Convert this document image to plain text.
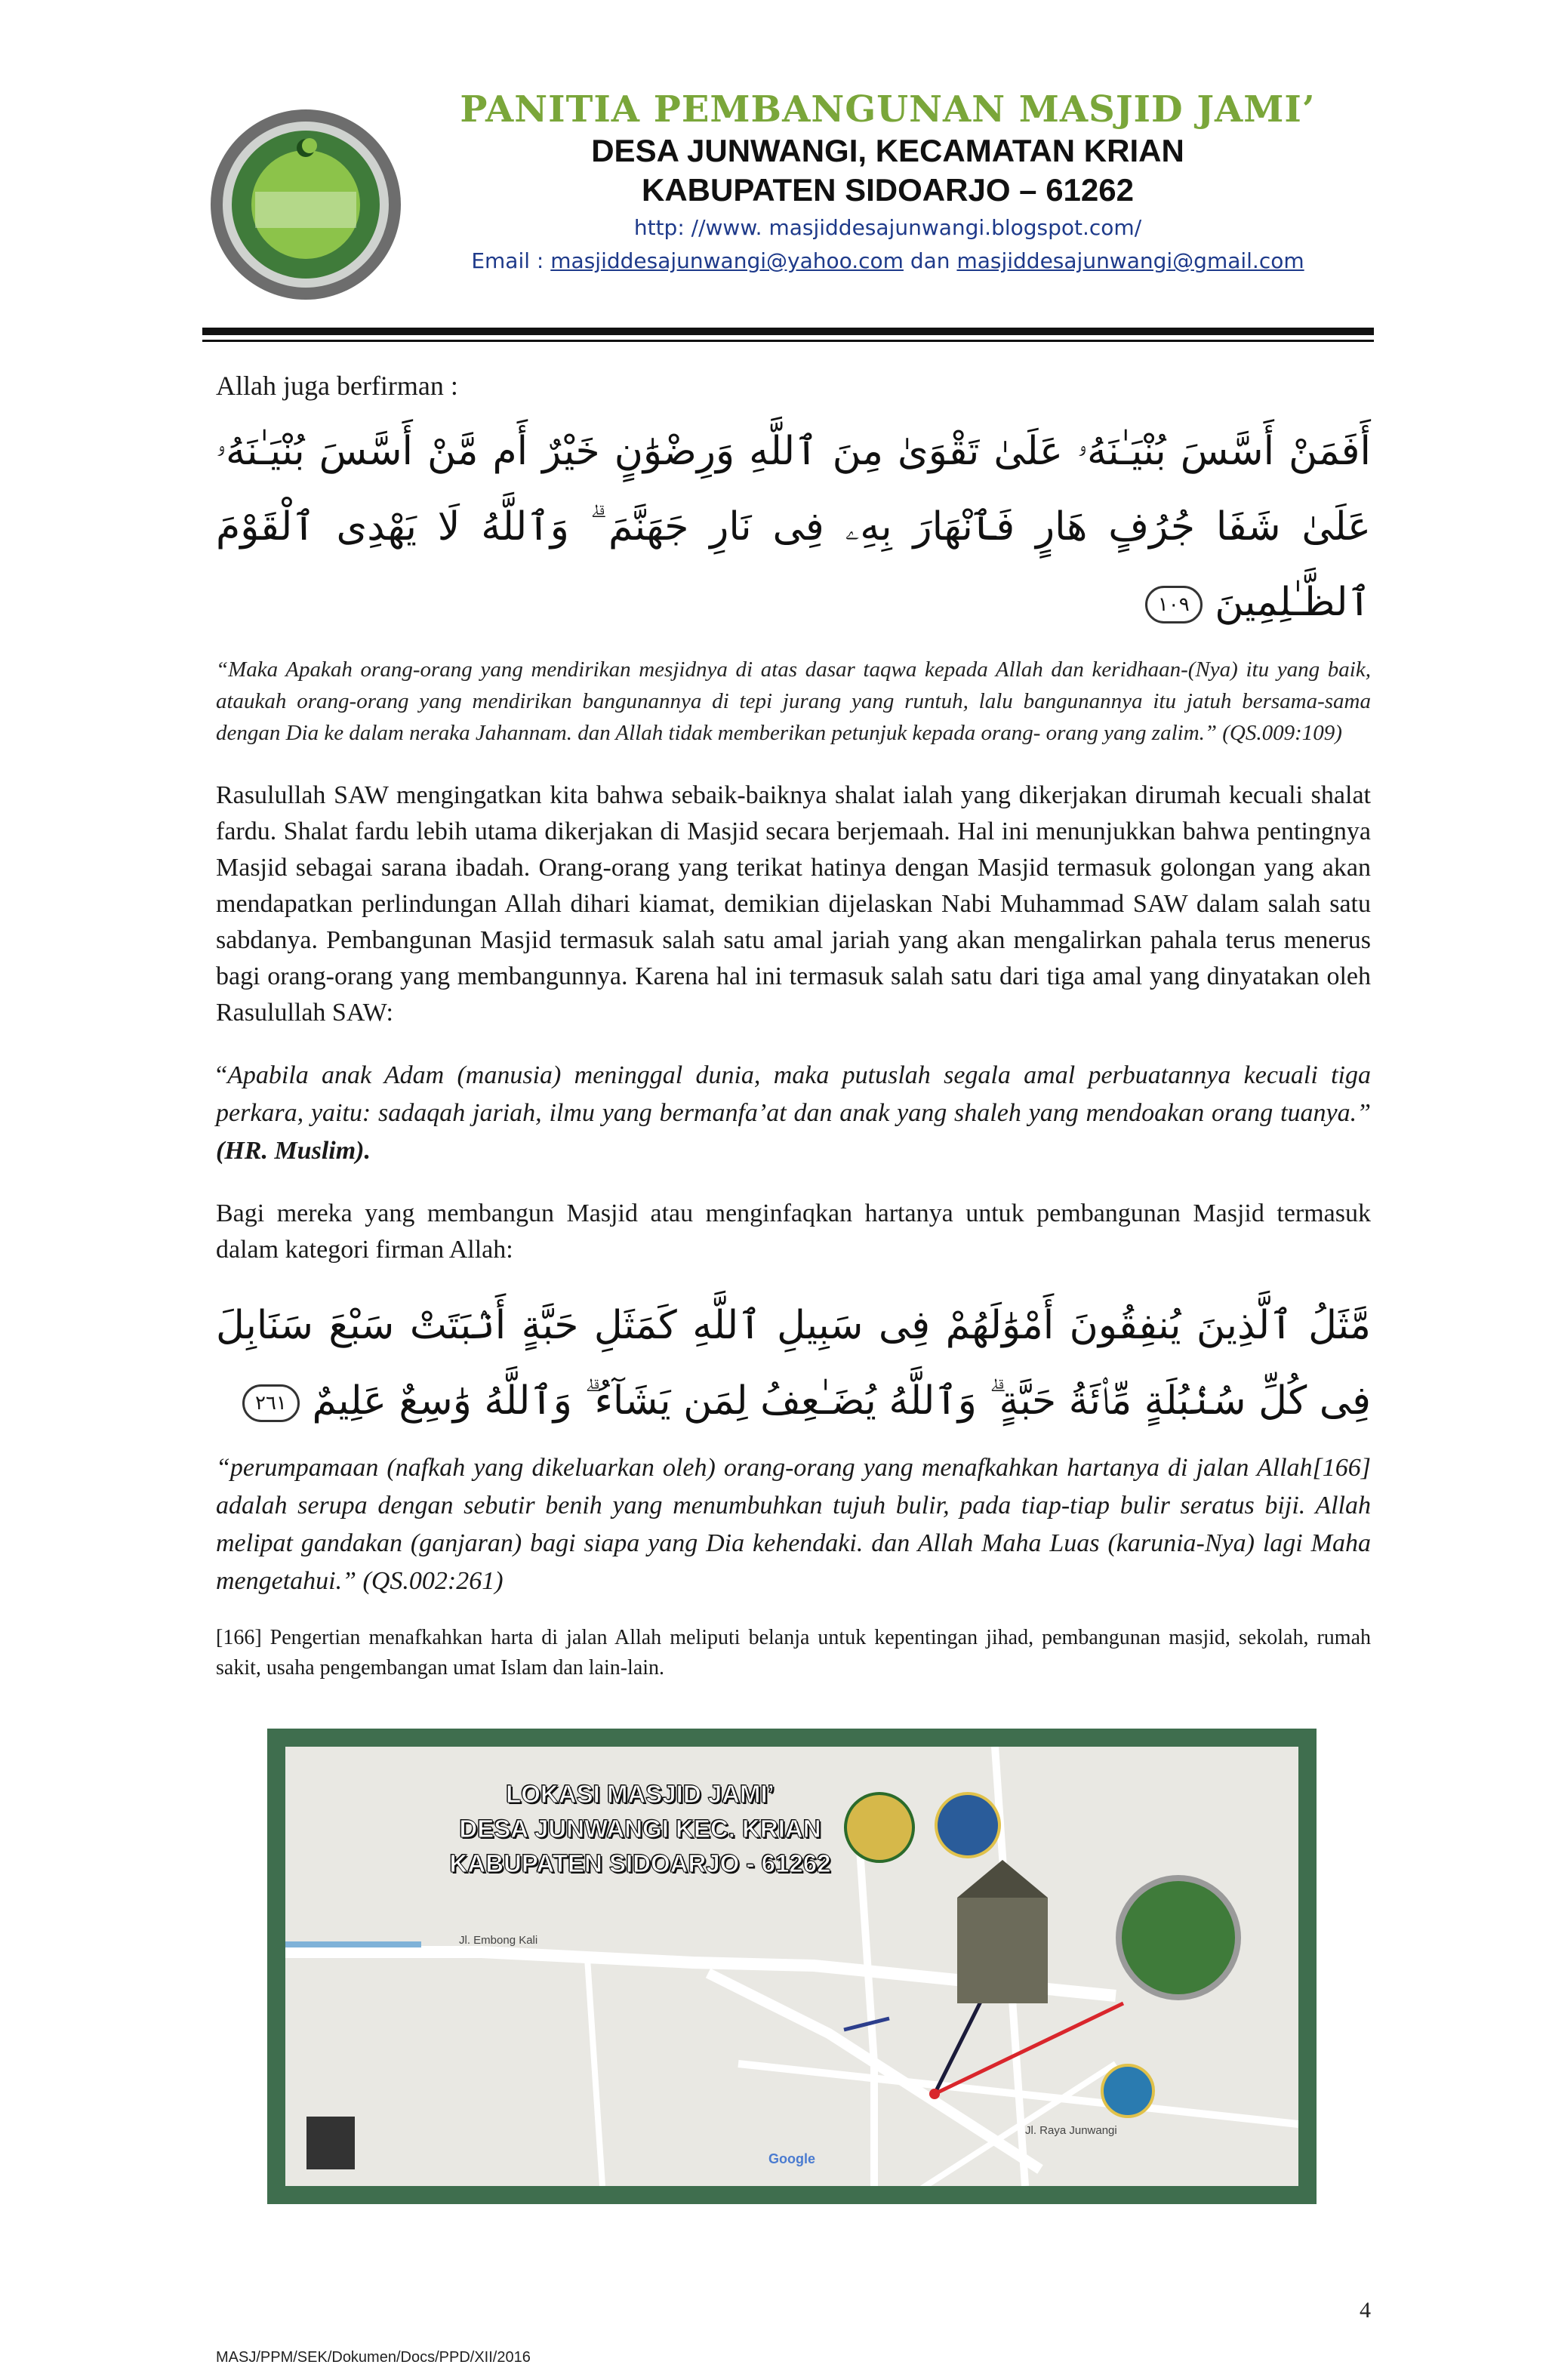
PANITIA PEMBANGUNAN MASJID JAMI’
DESA JUNWANGI, KECAMATAN KRIAN
KABUPATEN SIDOARJO – 61262
http: //www. masjiddesajunwangi.blogspot.com/
Email : masjiddesajunwangi@yahoo.com dan masjiddesajunwangi@gmail.com

Allah juga berfirman :

أَفَمَنْ أَسَّسَ بُنْيَـٰنَهُۥ عَلَىٰ تَقْوَىٰ مِنَ ٱللَّهِ وَرِضْوَٰنٍ خَيْرٌ أَم مَّنْ أَسَّسَ بُنْيَـٰنَهُۥ عَلَىٰ شَفَا جُرُفٍ هَارٍ فَٱنْهَارَ بِهِۦ فِى نَارِ جَهَنَّمَ ۗ وَٱللَّهُ لَا يَهْدِى ٱلْقَوْمَ ٱلظَّـٰلِمِينَ ١٠٩

“Maka Apakah orang-orang yang mendirikan mesjidnya di atas dasar taqwa kepada Allah dan keridhaan-(Nya) itu yang baik, ataukah orang-orang yang mendirikan bangunannya di tepi jurang yang runtuh, lalu bangunannya itu jatuh bersama-sama dengan Dia ke dalam neraka Jahannam. dan Allah tidak memberikan petunjuk kepada orang- orang yang zalim.” (QS.009:109)

Rasulullah SAW mengingatkan kita bahwa sebaik-baiknya shalat ialah yang dikerjakan dirumah kecuali shalat fardu. Shalat fardu lebih utama dikerjakan di Masjid secara berjemaah. Hal ini menunjukkan bahwa pentingnya Masjid sebagai sarana ibadah. Orang-orang yang terikat hatinya dengan Masjid termasuk golongan yang akan mendapatkan perlindungan Allah dihari kiamat, demikian dijelaskan Nabi Muhammad SAW dalam salah satu sabdanya. Pembangunan Masjid termasuk salah satu amal jariah yang akan mengalirkan pahala terus menerus bagi orang-orang yang membangunnya. Karena hal ini termasuk salah satu dari tiga amal yang dinyatakan oleh Rasulullah SAW:

“Apabila anak Adam (manusia) meninggal dunia, maka putuslah segala amal perbuatannya kecuali tiga perkara, yaitu: sadaqah jariah, ilmu yang bermanfa’at dan anak yang shaleh yang mendoakan orang tuanya.” (HR. Muslim).

Bagi mereka yang membangun Masjid atau menginfaqkan hartanya untuk pembangunan Masjid termasuk dalam kategori firman Allah:

مَّثَلُ ٱلَّذِينَ يُنفِقُونَ أَمْوَٰلَهُمْ فِى سَبِيلِ ٱللَّهِ كَمَثَلِ حَبَّةٍ أَنۢبَتَتْ سَبْعَ سَنَابِلَ فِى كُلِّ سُنۢبُلَةٍ مِّا۟ئَةُ حَبَّةٍ ۗ وَٱللَّهُ يُضَـٰعِفُ لِمَن يَشَآءُ ۗ وَٱللَّهُ وَٰسِعٌ عَلِيمٌ ٢٦١

“perumpamaan (nafkah yang dikeluarkan oleh) orang-orang yang menafkahkan hartanya di jalan Allah[166] adalah serupa dengan sebutir benih yang menumbuhkan tujuh bulir, pada tiap-tiap bulir seratus biji. Allah melipat gandakan (ganjaran) bagi siapa yang Dia kehendaki. dan Allah Maha Luas (karunia-Nya) lagi Maha mengetahui.” (QS.002:261)

[166] Pengertian menafkahkan harta di jalan Allah meliputi belanja untuk kepentingan jihad, pembangunan masjid, sekolah, rumah sakit, usaha pengembangan umat Islam dan lain-lain.

LOKASI MASJID JAMI’
DESA JUNWANGI KEC. KRIAN
KABUPATEN SIDOARJO - 61262
Jl. Embong Kali
Jl. Raya Junwangi
Google
4
MASJ/PPM/SEK/Dokumen/Docs/PPD/XII/2016
